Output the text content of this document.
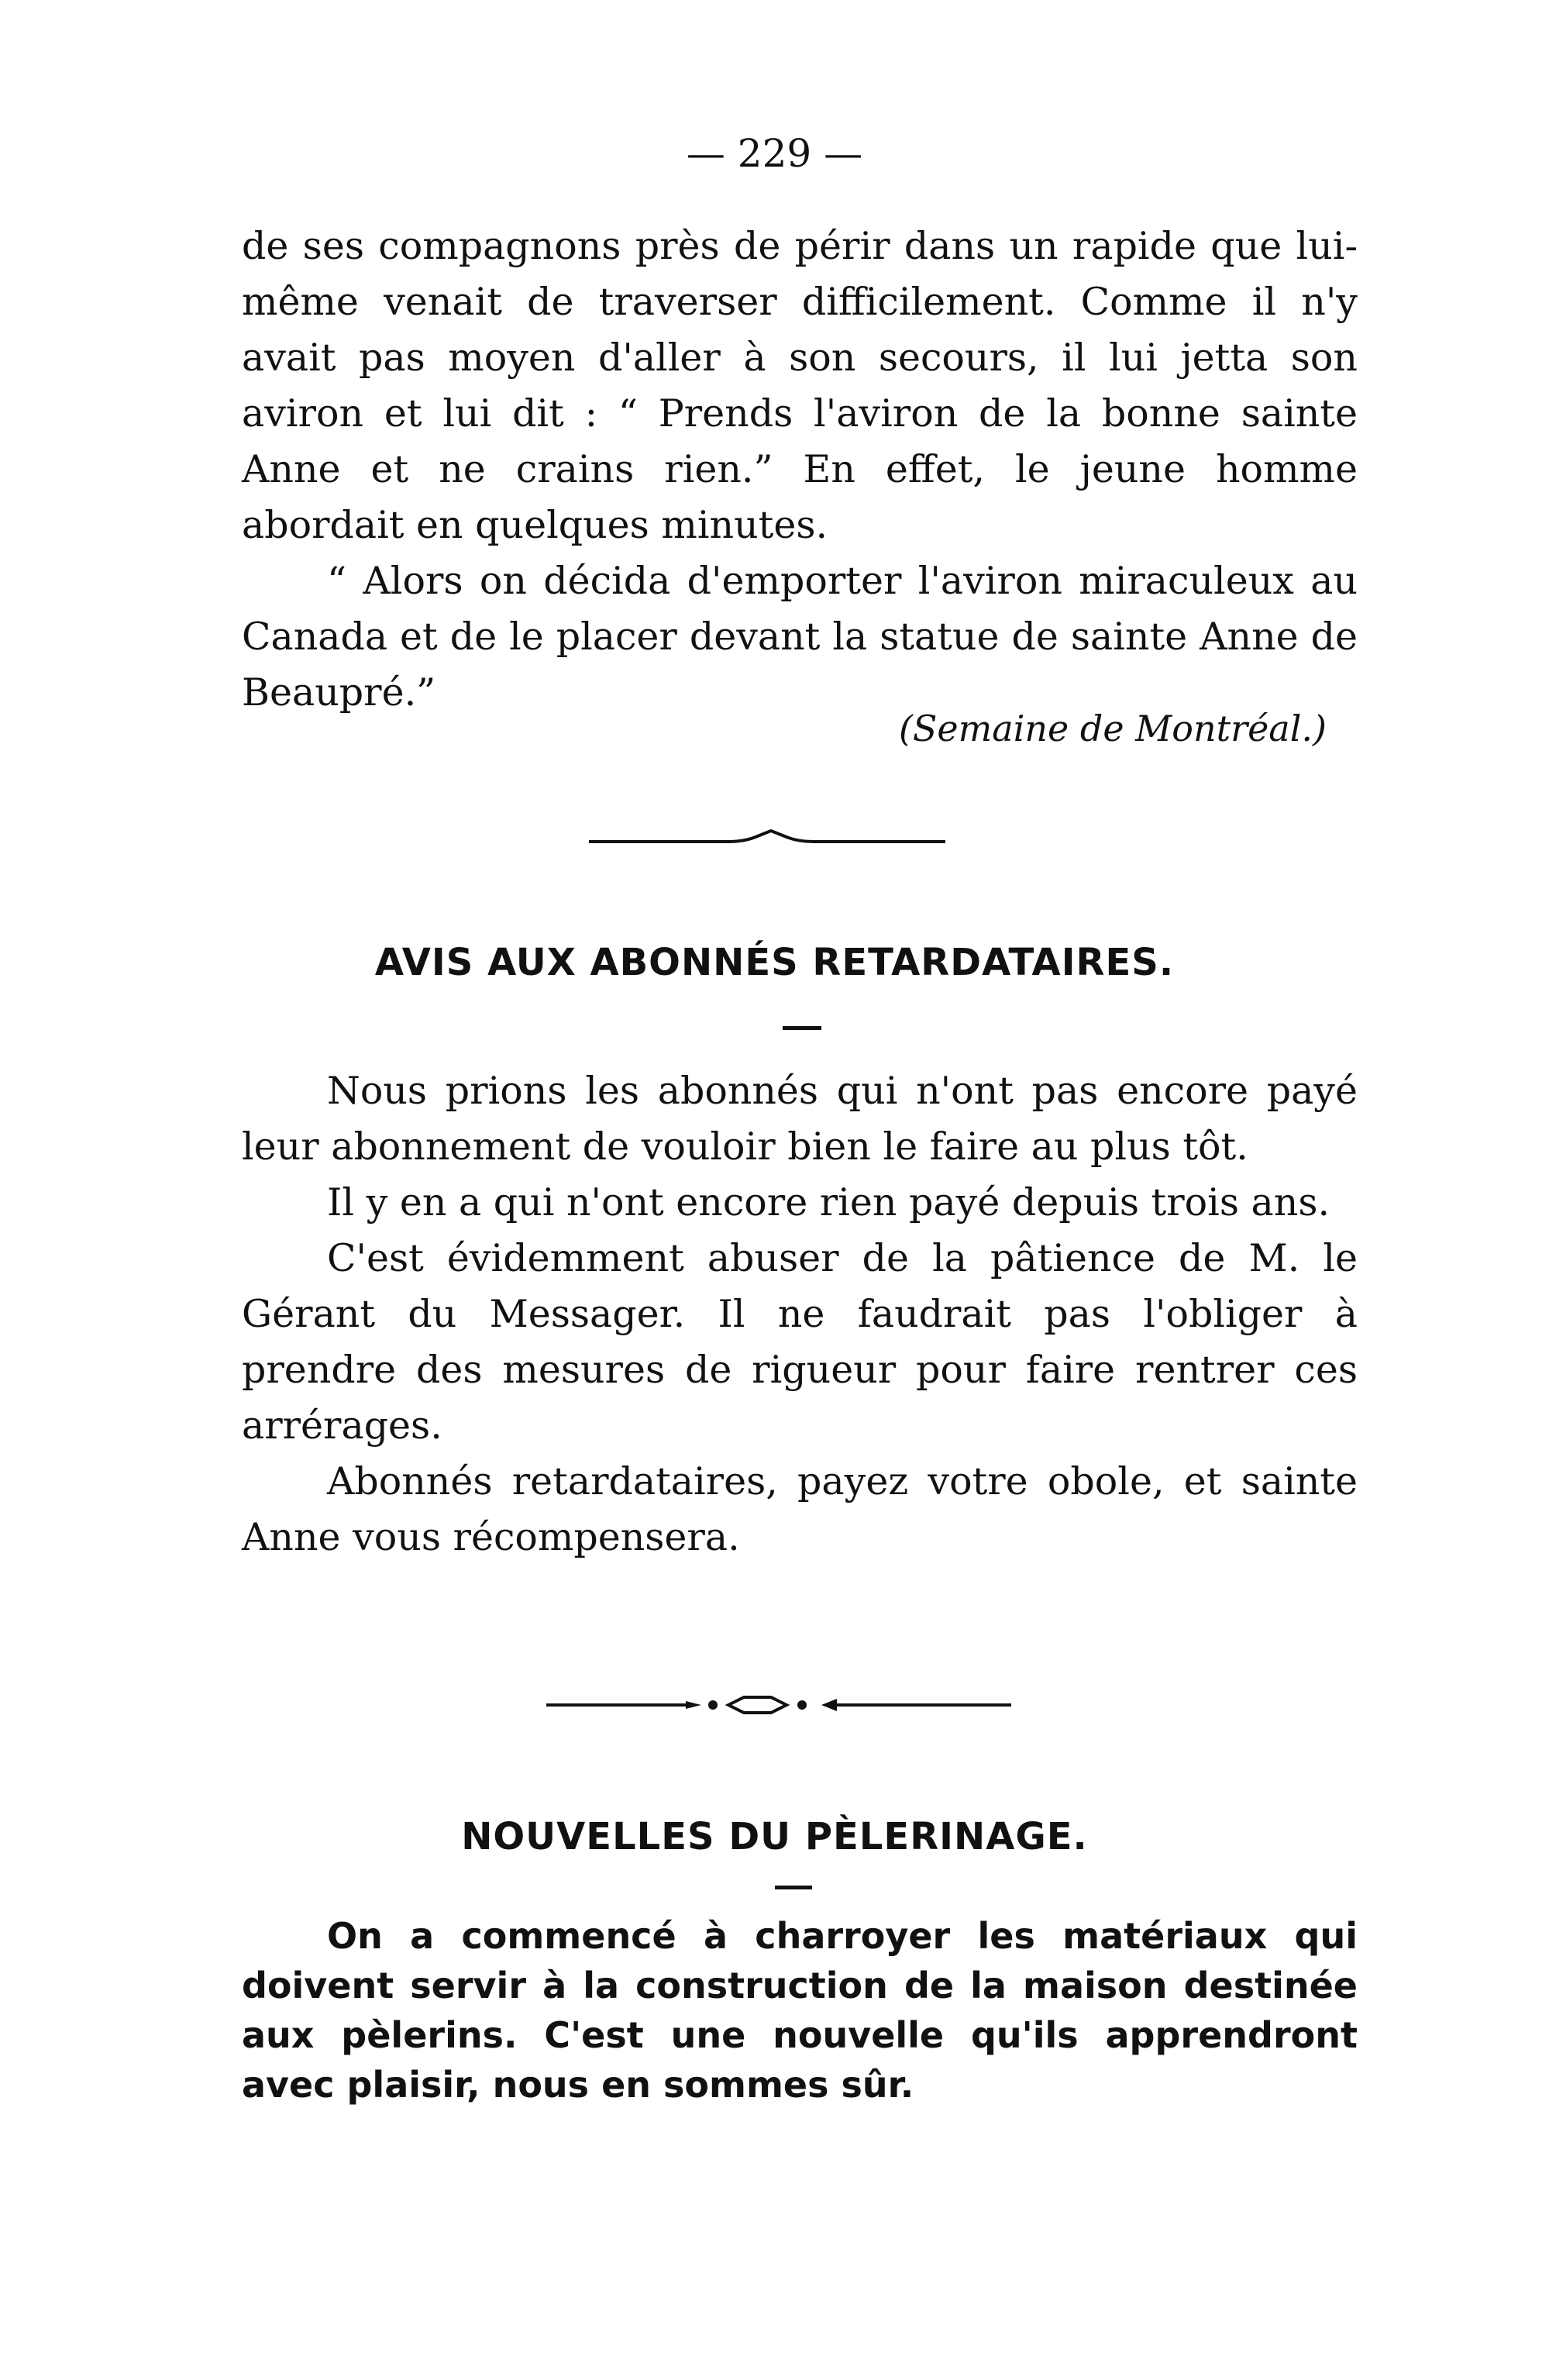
— 229 —

de ses compagnons près de périr dans un rapide que lui-même venait de traverser difficilement. Comme il n'y avait pas moyen d'aller à son secours, il lui jetta son aviron et lui dit : “ Prends l'aviron de la bonne sainte Anne et ne crains rien.” En effet, le jeune homme abordait en quelques minutes.

“ Alors on décida d'emporter l'aviron miraculeux au Canada et de le placer devant la statue de sainte Anne de Beaupré.”

(Semaine de Montréal.)
AVIS AUX ABONNÉS RETARDATAIRES.

Nous prions les abonnés qui n'ont pas encore payé leur abonnement de vouloir bien le faire au plus tôt.

Il y en a qui n'ont encore rien payé depuis trois ans.

C'est évidemment abuser de la pâtience de M. le Gérant du Messager. Il ne faudrait pas l'obliger à prendre des mesures de rigueur pour faire rentrer ces arrérages.

Abonnés retardataires, payez votre obole, et sainte Anne vous récompensera.

NOUVELLES DU PÈLERINAGE.

On a commencé à charroyer les matériaux qui doivent servir à la construction de la maison destinée aux pèlerins. C'est une nouvelle qu'ils apprendront avec plaisir, nous en sommes sûr.
